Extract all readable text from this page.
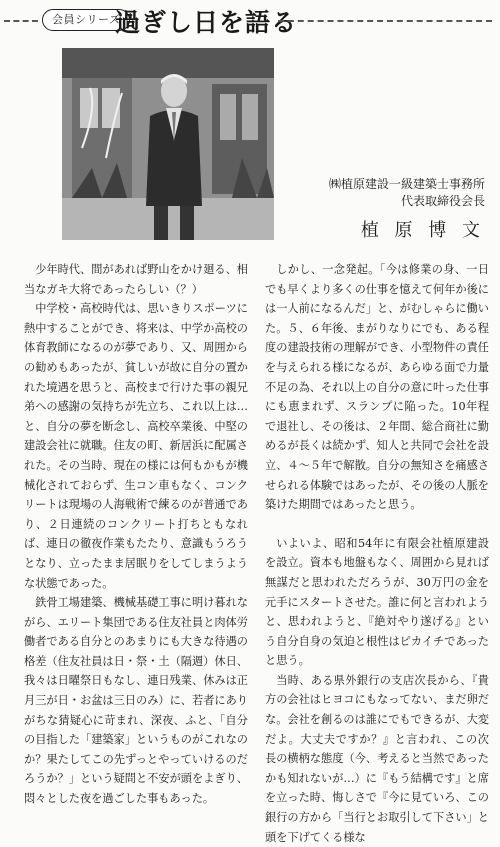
会員シリーズ
過ぎし日を語る
㈱植原建設一級建築士事務所
代表取締役会長
植 原 博 文

少年時代、間があれば野山をかけ廻る、相当なガキ大将であったらしい（？）

中学校・高校時代は、思いきりスポーツに熱中することができ、将来は、中学か高校の体育教師になるのが夢であり、又、周囲からの勧めもあったが、貧しいが故に自分の置かれた境遇を思うと、高校まで行けた事の親兄弟への感謝の気持ちが先立ち、これ以上は…と、自分の夢を断念し、高校卒業後、中堅の建設会社に就職。住友の町、新居浜に配属された。その当時、現在の様には何もかもが機械化されておらず、生コン車もなく、コンクリートは現場の人海戦術で練るのが普通であり、２日連続のコンクリート打ちともなれば、連日の徹夜作業もたたり、意識もうろうとなり、立ったまま居眠りをしてしまうような状態であった。

鉄骨工場建築、機械基礎工事に明け暮れながら、エリート集団である住友社員と肉体労働者である自分とのあまりにも大きな待遇の格差（住友社員は日・祭・土（隔週）休日、我々は日曜祭日もなし、連日残業、休みは正月三が日・お盆は三日のみ）に、若者にありがちな猜疑心に苛まれ、深夜、ふと、「自分の目指した「建築家」というものがこれなのか？果たしてこの先ずっとやっていけるのだろうか？」という疑問と不安が頭をよぎり、悶々とした夜を過ごした事もあった。

しかし、一念発起。「今は修業の身、一日でも早くより多くの仕事を憶えて何年か後には一人前になるんだ」と、がむしゃらに働いた。５、６年後、まがりなりにでも、ある程度の建設技術の理解ができ、小型物件の責任を与えられる様になるが、あらゆる面で力量不足の為、それ以上の自分の意に叶った仕事にも恵まれず、スランプに陥った。10年程で退社し、その後は、２年間、総合商社に勤めるが長くは続かず、知人と共同で会社を設立、４～５年で解散。自分の無知さを痛感させられる体験ではあったが、その後の人脈を築けた期間ではあったと思う。

いよいよ、昭和54年に有限会社植原建設を設立。資本も地盤もなく、周囲から見れば無謀だと思われただろうが、30万円の金を元手にスタートさせた。誰に何と言われようと、思われようと、『絶対やり遂げる』という自分自身の気迫と根性はピカイチであったと思う。

当時、ある県外銀行の支店次長から、『貴方の会社はヒヨコにもなってない、まだ卵だな。会社を創るのは誰にでもできるが、大変だよ。大丈夫ですか？』と言われ、この次長の横柄な態度（今、考えると当然であったかも知れないが…）に『もう結構です』と席を立った時、悔しさで『今に見ていろ、この銀行の方から「当行とお取引して下さい」と頭を下げてくる様な
